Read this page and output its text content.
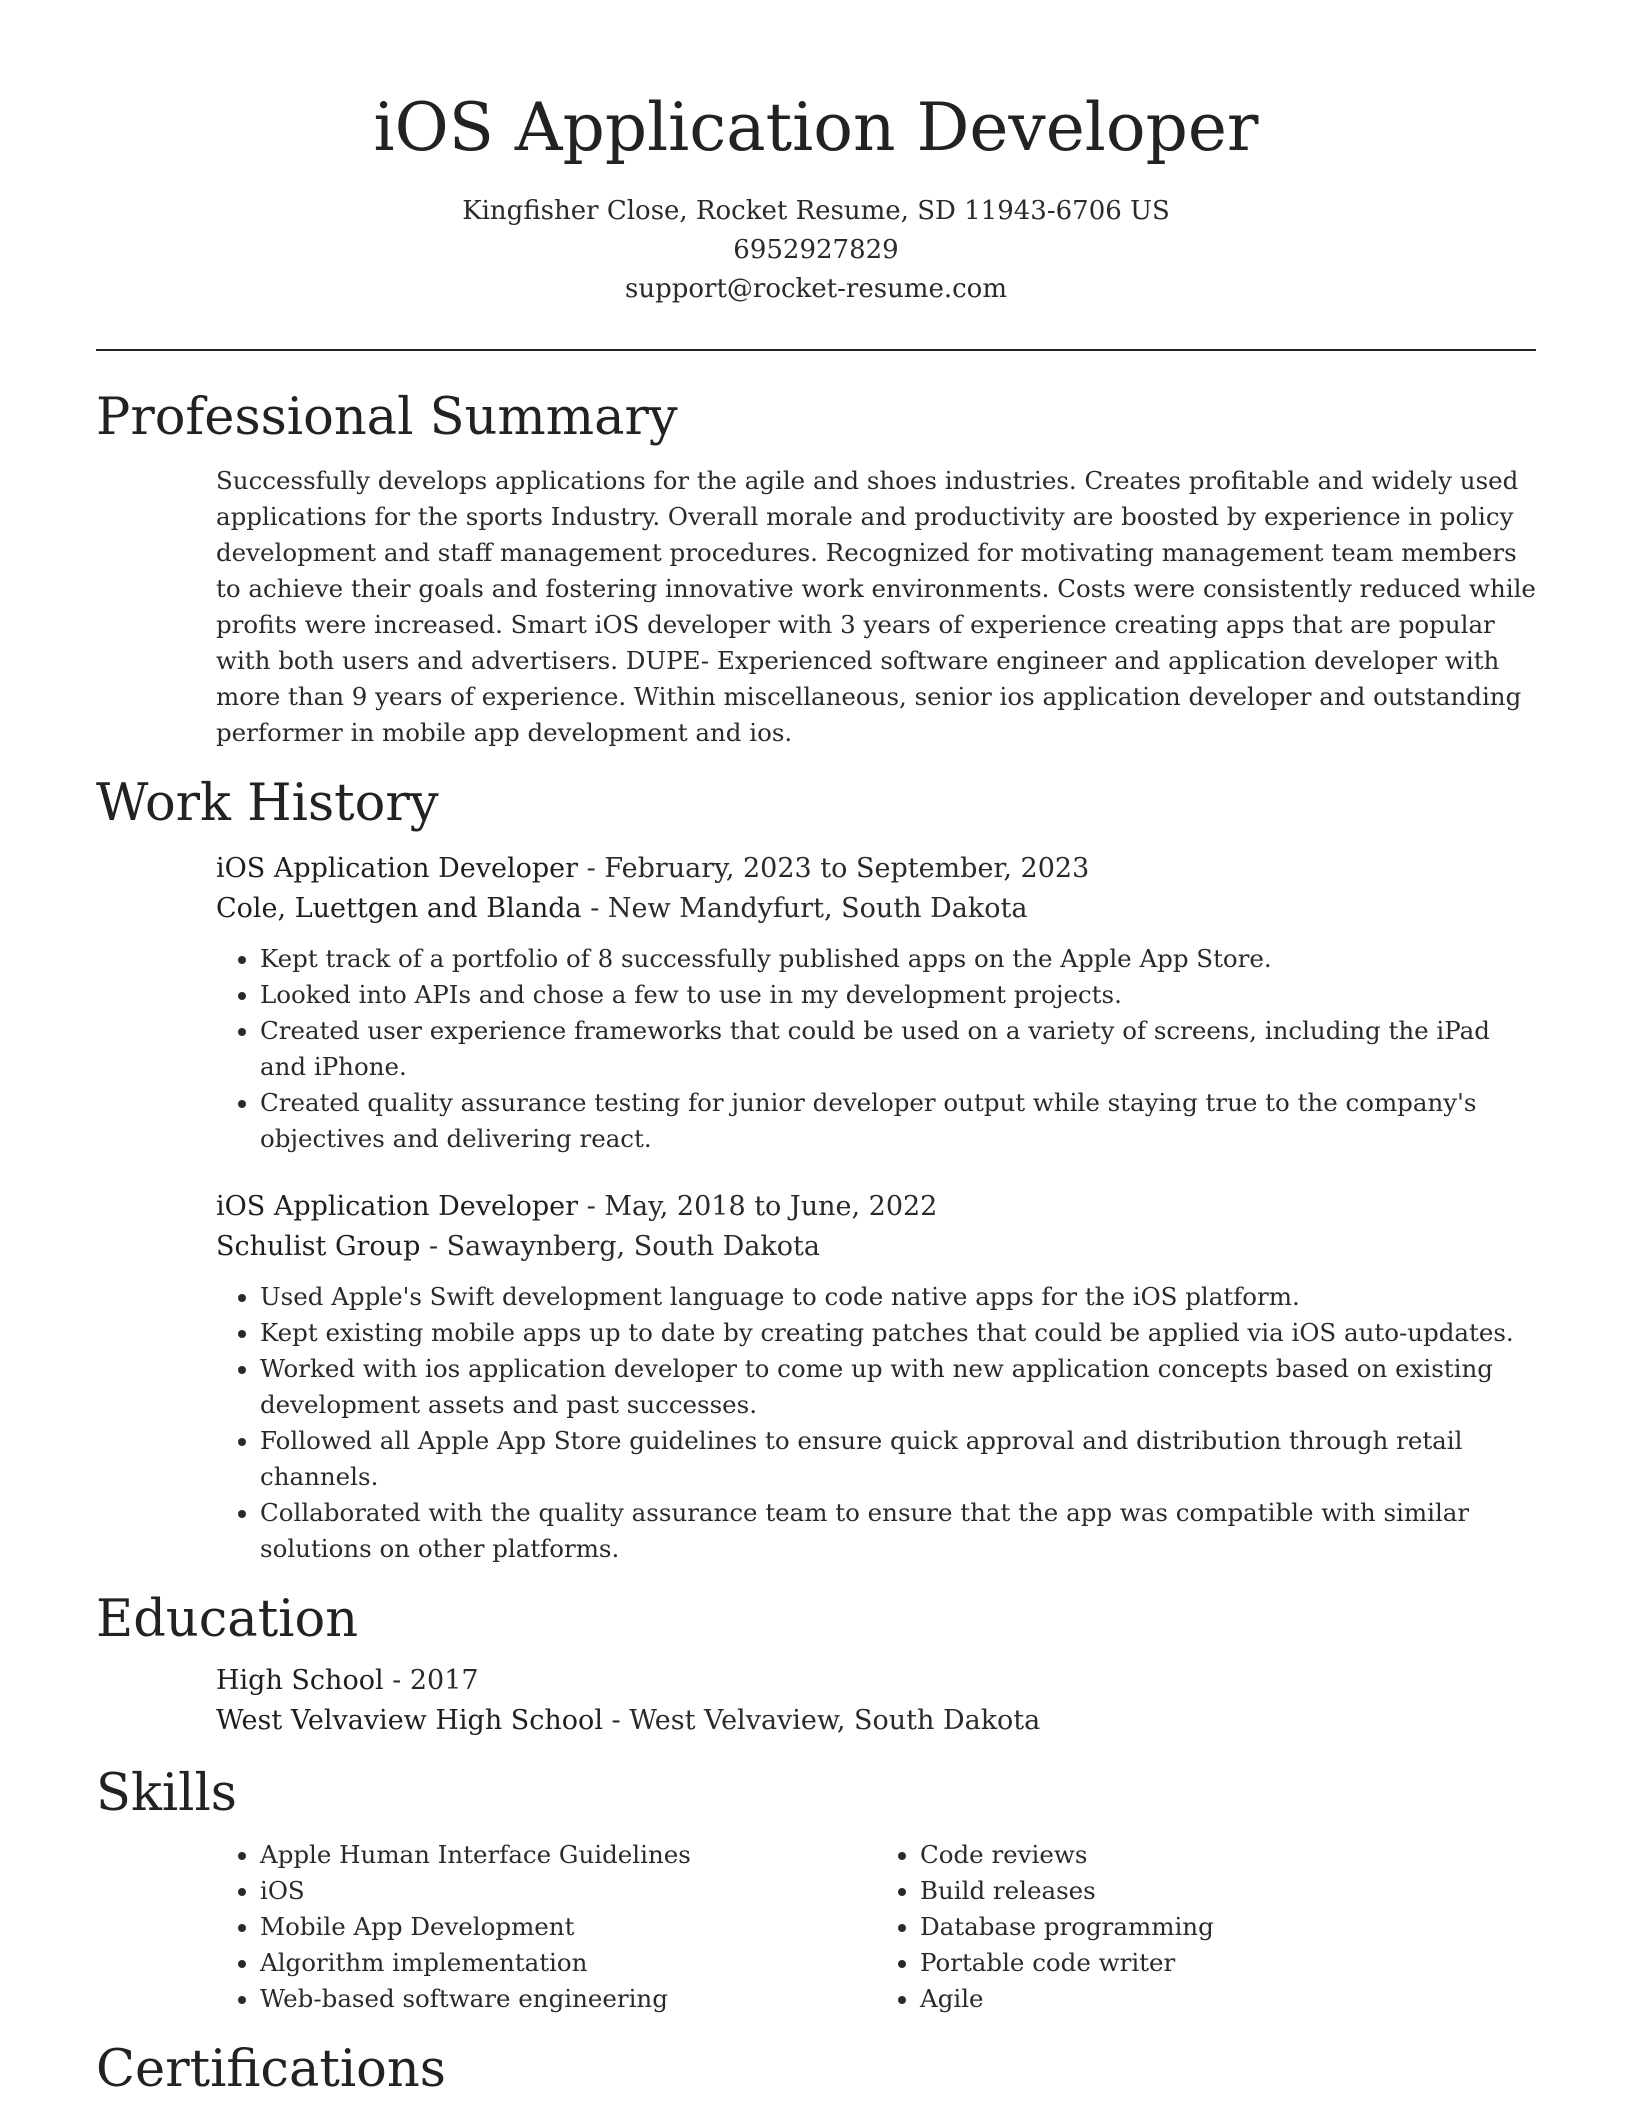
iOS Application Developer
Kingfisher Close, Rocket Resume, SD 11943-6706 US
6952927829
support@rocket-resume.com
Professional Summary

Successfully develops applications for the agile and shoes industries. Creates profitable and widely used applications for the sports Industry. Overall morale and productivity are boosted by experience in policy development and staff management procedures. Recognized for motivating management team members to achieve their goals and fostering innovative work environments. Costs were consistently reduced while profits were increased. Smart iOS developer with 3 years of experience creating apps that are popular with both users and advertisers. DUPE- Experienced software engineer and application developer with more than 9 years of experience. Within miscellaneous, senior ios application developer and outstanding performer in mobile app development and ios.

Work History
iOS Application Developer - February, 2023 to September, 2023
Cole, Luettgen and Blanda - New Mandyfurt, South Dakota
• Kept track of a portfolio of 8 successfully published apps on the Apple App Store.
• Looked into APIs and chose a few to use in my development projects.
• Created user experience frameworks that could be used on a variety of screens, including the iPad and iPhone.
• Created quality assurance testing for junior developer output while staying true to the company's objectives and delivering react.
iOS Application Developer - May, 2018 to June, 2022
Schulist Group - Sawaynberg, South Dakota
• Used Apple's Swift development language to code native apps for the iOS platform.
• Kept existing mobile apps up to date by creating patches that could be applied via iOS auto-updates.
• Worked with ios application developer to come up with new application concepts based on existing development assets and past successes.
• Followed all Apple App Store guidelines to ensure quick approval and distribution through retail channels.
• Collaborated with the quality assurance team to ensure that the app was compatible with similar solutions on other platforms.
Education
High School - 2017
West Velvaview High School - West Velvaview, South Dakota
Skills
• Apple Human Interface Guidelines
• iOS
• Mobile App Development
• Algorithm implementation
• Web-based software engineering
• Code reviews
• Build releases
• Database programming
• Portable code writer
• Agile
Certifications
